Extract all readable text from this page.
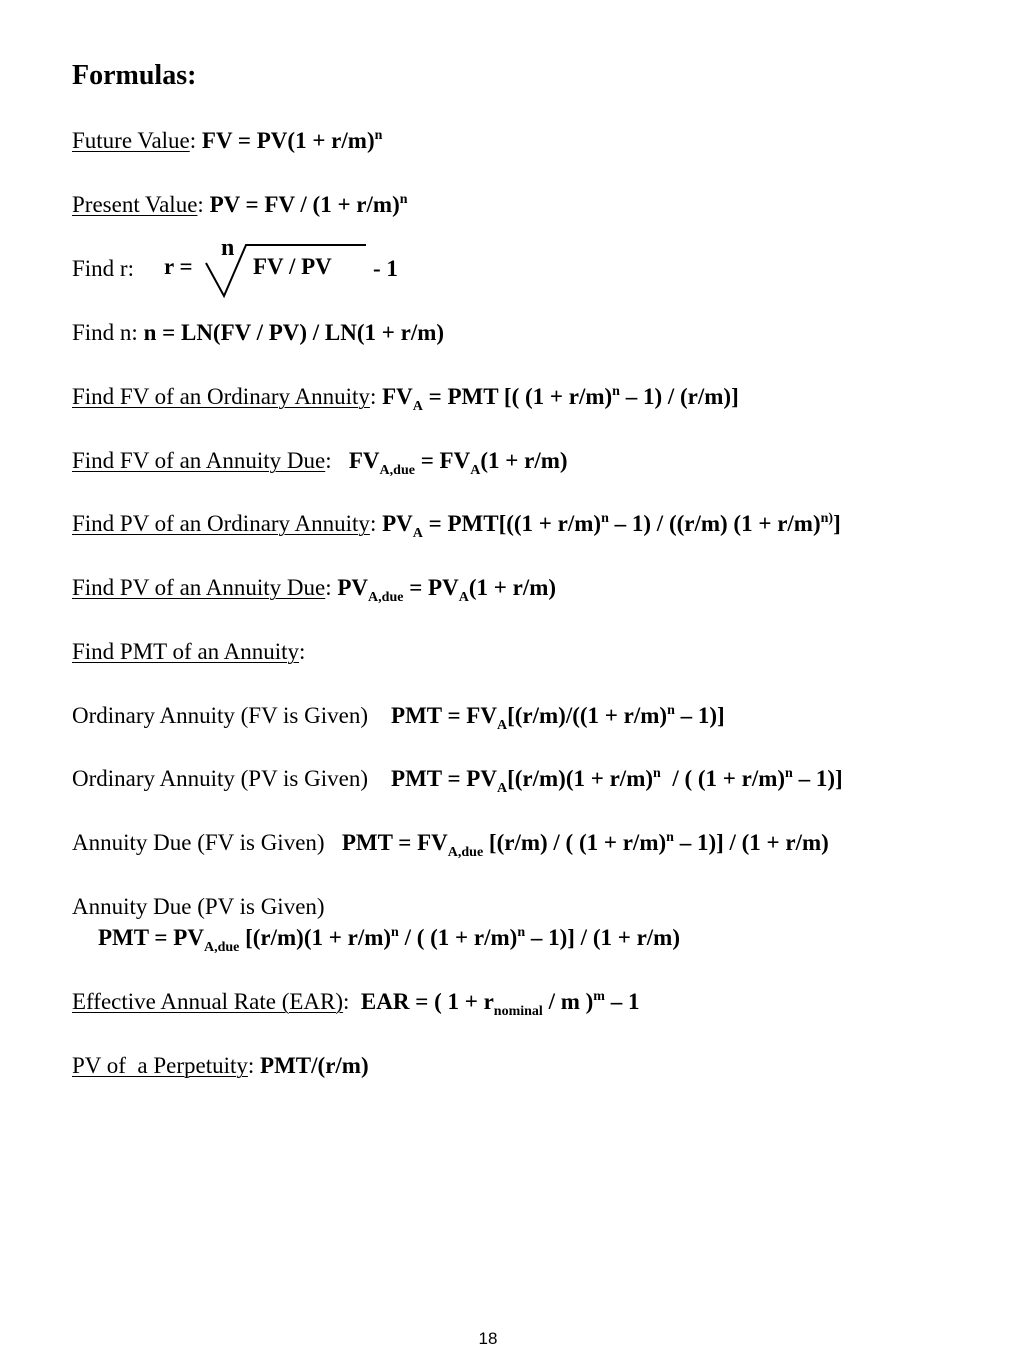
Formulas:
Future Value: FV = $PV(1 + r/m)^n$
Present Value: PV = FV / $(1 + r/m)^n$
Find r: r =
n
FV / PV - 1
Find n: n = LN(FV / PV) / LN(1 + r/m)
Find FV of an Ordinary Annuity: $FV_A$ = PMT [( $(1 + r/m)^n - 1) / (r/m)$]
Find FV of an Annuity Due: $FV_{A,due} = FV_A(1 + r/m)$
Find PV of an Ordinary Annuity: $PV_A = PMT[((1 + r/m)^n - 1) / ((r/m) (1 + r/m)^{n)}]$
Find PV of an Annuity Due: $PV_{A,due} = PV_A(1 + r/m)$
Find PMT of an Annuity:
Ordinary Annuity (FV is Given) PMT = $FV_A[(r/m)/((1 + r/m)^n - 1)]$
Ordinary Annuity (PV is Given) PMT = $PV_A[(r/m)(1 + r/m)^n$ / ( $(1 + r/m)^n - 1$)]
Annuity Due (FV is Given) PMT = $FV_{A,due}$ [(r/m) / ( $(1 + r/m)^n - 1)] / (1 + r/m)$
Annuity Due (PV is Given)
PMT = $PV_{A,due}$ [$(r/m)(1 + r/m)^n$ / ( $(1 + r/m)^n - 1)] / (1 + r/m)$
Effective Annual Rate (EAR): EAR = ( $1 + r_{nominal} / m$ )$^m$ – 1
PV of  a Perpetuity: PMT/(r/m)
18
